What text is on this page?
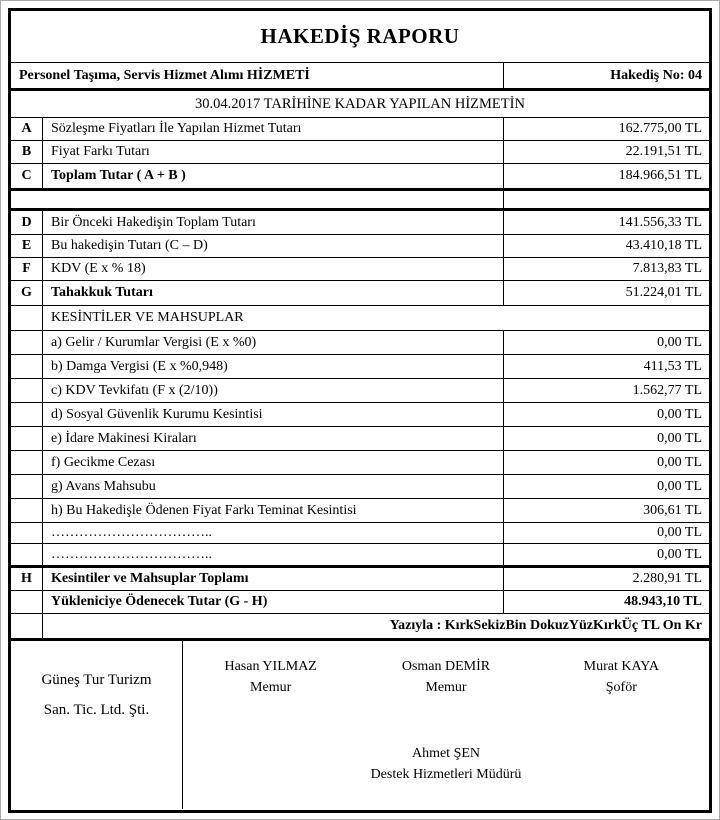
HAKEDİŞ RAPORU
Personel Taşıma, Servis Hizmet Alımı HİZMETİ	Hakediş No: 04
30.04.2017 TARİHİNE KADAR YAPILAN HİZMETİN
A	Sözleşme Fiyatları İle Yapılan Hizmet Tutarı	162.775,00 TL
B	Fiyat Farkı Tutarı	22.191,51 TL
C	Toplam Tutar ( A + B )	184.966,51 TL
D	Bir Önceki Hakedişin Toplam Tutarı	141.556,33 TL
E	Bu hakedişin Tutarı (C – D)	43.410,18 TL
F	KDV (E x % 18)	7.813,83 TL
G	Tahakkuk Tutarı	51.224,01 TL
KESİNTİLER VE MAHSUPLAR
a) Gelir / Kurumlar Vergisi (E x %0)	0,00 TL
b) Damga Vergisi (E x %0,948)	411,53 TL
c) KDV Tevkifatı (F x (2/10))	1.562,77 TL
d) Sosyal Güvenlik Kurumu Kesintisi	0,00 TL
e) İdare Makinesi Kiraları	0,00 TL
f) Gecikme Cezası	0,00 TL
g) Avans Mahsubu	0,00 TL
h) Bu Hakedişle Ödenen Fiyat Farkı Teminat Kesintisi	306,61 TL
……………………………..	0,00 TL
……………………………..	0,00 TL
H	Kesintiler ve Mahsuplar Toplamı	2.280,91 TL
Yükleniciye Ödenecek Tutar (G - H)	48.943,10 TL
Yazıyla : KırkSekizBin DokuzYüzKırkÜç TL On Kr
Güneş Tur Turizm
San. Tic. Ltd. Şti.
Hasan YILMAZ
Memur
Osman DEMİR
Memur
Murat KAYA
Şoför
Ahmet ŞEN
Destek Hizmetleri Müdürü
